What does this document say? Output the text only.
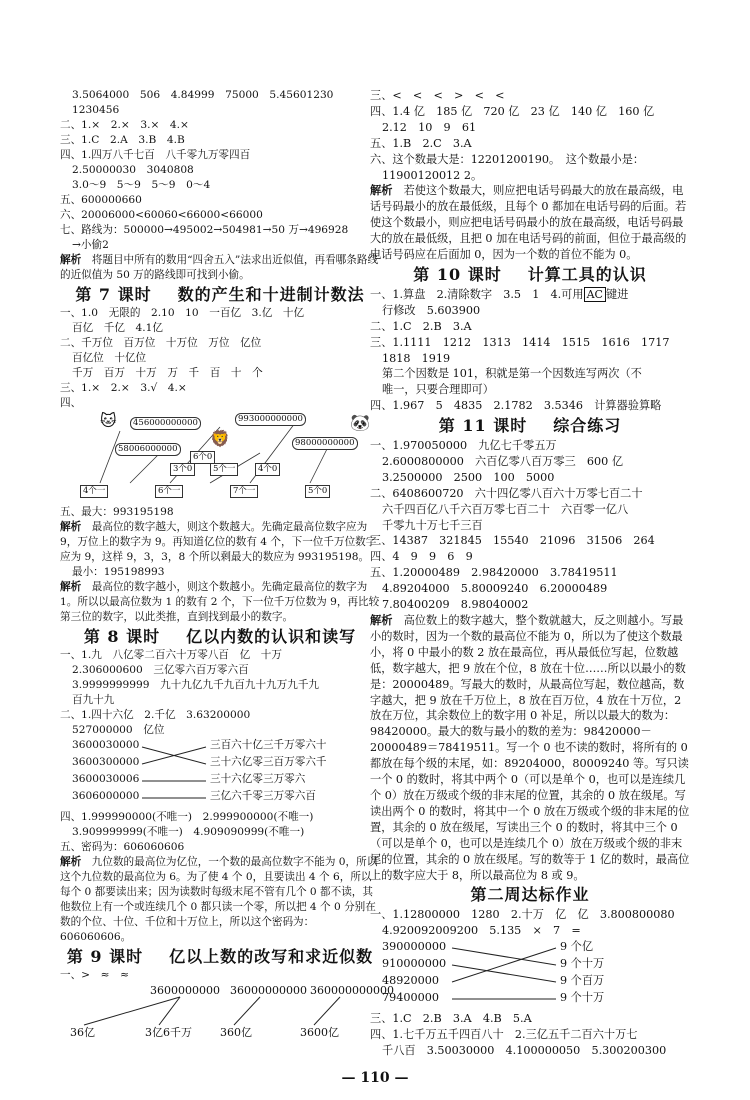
3.5064000　506　4.84999　75000　5.45601230
1230456
二、1.×　2.×　3.×　4.×
三、1.C　2.A　3.B　4.B
四、1.四万八千七百　八千零九万零四百
2.50000030　3040808
3.0～9　5～9　5～9　0～4
五、600000660
六、20006000<60060<66000<66000
七、路线为：500000→495002→504981→50 万→496928
→小偷2
解析　 将题目中所有的数用“四舍五入”法求出近似值，再看哪条路线的近似值为 50 万的路线即可找到小偷。
第 7 课时 数的产生和十进制计数法
一、1.0　无限的　2.10　10　一百亿　3.亿　十亿
百亿　千亿　4.1亿
二、千万位　百万位　十万位　万位　亿位
百亿位　十亿位
千万　百万　十万　万　千　百　十　个
三、1.×　2.×　3.√　4.×
四、
456000000000	993000000000
58006000000
98000000000
6个0
5个一
3个0	4个0
4个一	6个一	7个一	5个0
🐱
🦁
🐼
五、最大：993195198
解析　 最高位的数字越大，则这个数越大。先确定最高位数字应为 9，万位上的数字为 9。再知道亿位的数有 4 个，下一位千万位数字应为 9，这样 9，3，3，8 个所以剩最大的数应为 993195198。
最小：195198993
解析　 最高位的数字越小，则这个数越小。先确定最高位的数字为 1。所以以最高位数为 1 的数有 2 个，下一位千万位数为 9，再比较第三位的数字，以此类推，直到找到最小的数字。
第 8 课时 亿以内数的认识和读写
一、1.九　八亿零二百六十万零八百　亿　十万
2.306000600　三亿零六百万零六百
3.9999999999　九十九亿九千九百九十九万九千九
百九十九
二、1.四十六亿　2.千亿　3.63200000
527000000　亿位
3600030000
3600300000
3600030006
3606000000
三百六十亿三千万零六十
三十六亿零三百万零六千
三十六亿零三万零六
三亿六千零三万零六百
四、1.999990000(不唯一)　2.999900000(不唯一)
3.909999999(不唯一)　4.909090999(不唯一)
五、密码为：606060606
解析　 九位数的最高位为亿位，一个数的最高位数字不能为 0，所以这个九位数的最高位为 6。为了使 4 个 0，且要读出 4 个 6，所以每个 0 都要读出来；因为读数时每级末尾不管有几个 0 都不读，其他数位上有一个或连续几个 0 都只读一个零，所以把 4 个 0 分别在数的个位、十位、千位和十万位上，所以这个密码为：606060606。
第 9 课时 亿以上数的改写和求近似数
一、>　≈　≈
3600000000 36000000000 360000000000
36亿	3亿6千万	360亿	3600亿
三、<　<　<　>　<　<
四、1.4 亿　185 亿　720 亿　23 亿　140 亿　160 亿
2.12　10　9　61
五、1.B　2.C　3.A
六、这个数最大是：12201200190。　这个数最小是：
11900120012 2。
解析　 若使这个数最大，则应把电话号码最大的放在最高级，电话号码最小的放在最低级，且每个 0 都加在电话号码的后面。若使这个数最小，则应把电话号码最小的放在最高级，电话号码最大的放在最低级，且把 0 加在电话号码的前面，但位于最高级的电话号码应在后面加 0，因为一个数的首位不能为 0。
第 10 课时 计算工具的认识
一、1.算盘　2.清除数字　3.5　1　4.可用 AC 键进
行修改　5.603900
二、1.C　2.B　3.A
三、1.1111　1212　1313　1414　1515　1616　1717
1818　1919
第二个因数是 101，积就是第一个因数连写两次（不
唯一，只要合理即可）
四、1.967　5　4835　2.1782　3.5346　计算器验算略
第 11 课时 综合练习
一、1.970050000　九亿七千零五万
2.6000800000　六百亿零八百万零三　600 亿
3.2500000　2500　100　5000
二、6408600720　六十四亿零八百六十万零七百二十
六千四百亿八千六百万零七百二十　六百零一亿八
千零九十万七千三百
三、14387　321845　15540　21096　31506　264
四、4　9　9　6　9
五、1.20000489　2.98420000　3.78419511
4.89204000　5.80009240　6.20000489
7.80400209　8.98040002
解析　 高位数上的数字越大，整个数就越大，反之则越小。写最小的数时，因为一个数的最高位不能为 0，所以为了使这个数最小，将 0 中最小的数 2 放在最高位，再从最低位写起，位数越低，数字越大，把 9 放在个位，8 放在十位……所以以最小的数是：20000489。写最大的数时，从最高位写起，数位越高，数字越大，把 9 放在千万位上，8 放在百万位，4 放在十万位，2 放在万位，其余数位上的数字用 0 补足，所以以最大的数为：98420000。最大的数与最小的数的差为：98420000－20000489＝78419511。写一个 0 也不读的数时，将所有的 0 都放在每个级的末尾，如：89204000，80009240 等。写只读一个 0 的数时，将其中两个 0（可以是单个 0，也可以是连续几个 0）放在万级或个级的非末尾的位置，其余的 0 放在级尾。写读出两个 0 的数时，将其中一个 0 放在万级或个级的非末尾的位置，其余的 0 放在级尾，写读出三个 0 的数时，将其中三个 0（可以是单个 0，也可以是连续几个 0）放在万级或个级的非末尾的位置，其余的 0 放在级尾。写的数等于 1 亿的数时，最高位上的数字应大于 8，所以最高位为 8 或 9。
第二周达标作业
一、1.12800000　1280　2.十万　亿　亿　3.800800080
4.920092009200　5.135　×　7　=
390000000
910000000
48920000
79400000
9 个亿
9 个十万
9 个百万
9 个十万
三、1.C　2.B　3.A　4.B　5.A
四、1.七千万五千四百八十　2.三亿五千二百六十万七
千八百　3.50030000　4.100000050　5.300200300
— 110 —
